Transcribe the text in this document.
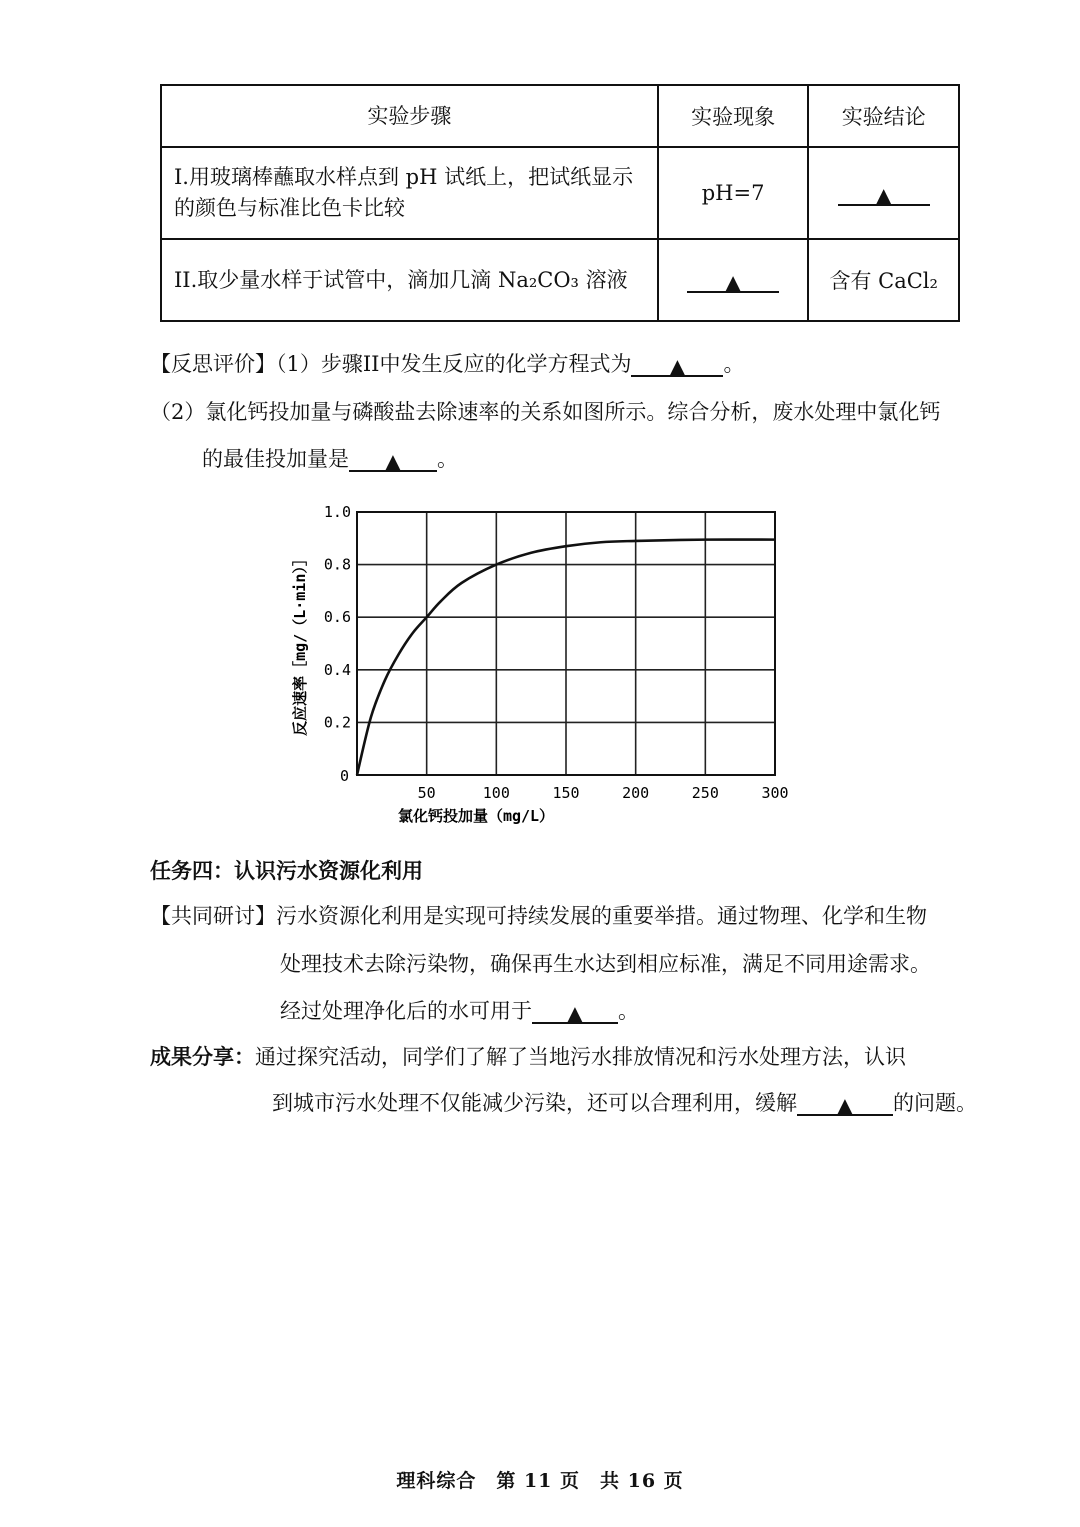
实验步骤	实验现象	实验结论

I.用玻璃棒蘸取水样点到 pH 试纸上，把试纸显示
的颜色与标准比色卡比较	pH=7	▲
II.取少量水样于试管中，滴加几滴 Na₂CO₃ 溶液	▲	含有 CaCl₂
【反思评价】（1）步骤II中发生反应的化学方程式为 ▲ 。
（2）氯化钙投加量与磷酸盐去除速率的关系如图所示。综合分析，废水处理中氯化钙
的最佳投加量是 ▲ 。
50	100	150	200	250	300
0.2
0.4
0.6
0.8
1.0
0
氯化钙投加量（mg/L）
反应速率［mg/（L·min）］
任务四：认识污水资源化利用
【共同研讨】污水资源化利用是实现可持续发展的重要举措。通过物理、化学和生物
处理技术去除污染物，确保再生水达到相应标准，满足不同用途需求。
经过处理净化后的水可用于 ▲ 。
成果分享：通过探究活动，同学们了解了当地污水排放情况和污水处理方法，认识
到城市污水处理不仅能减少污染，还可以合理利用，缓解 ▲ 的问题。
理科综合　第 11 页　共 16 页
